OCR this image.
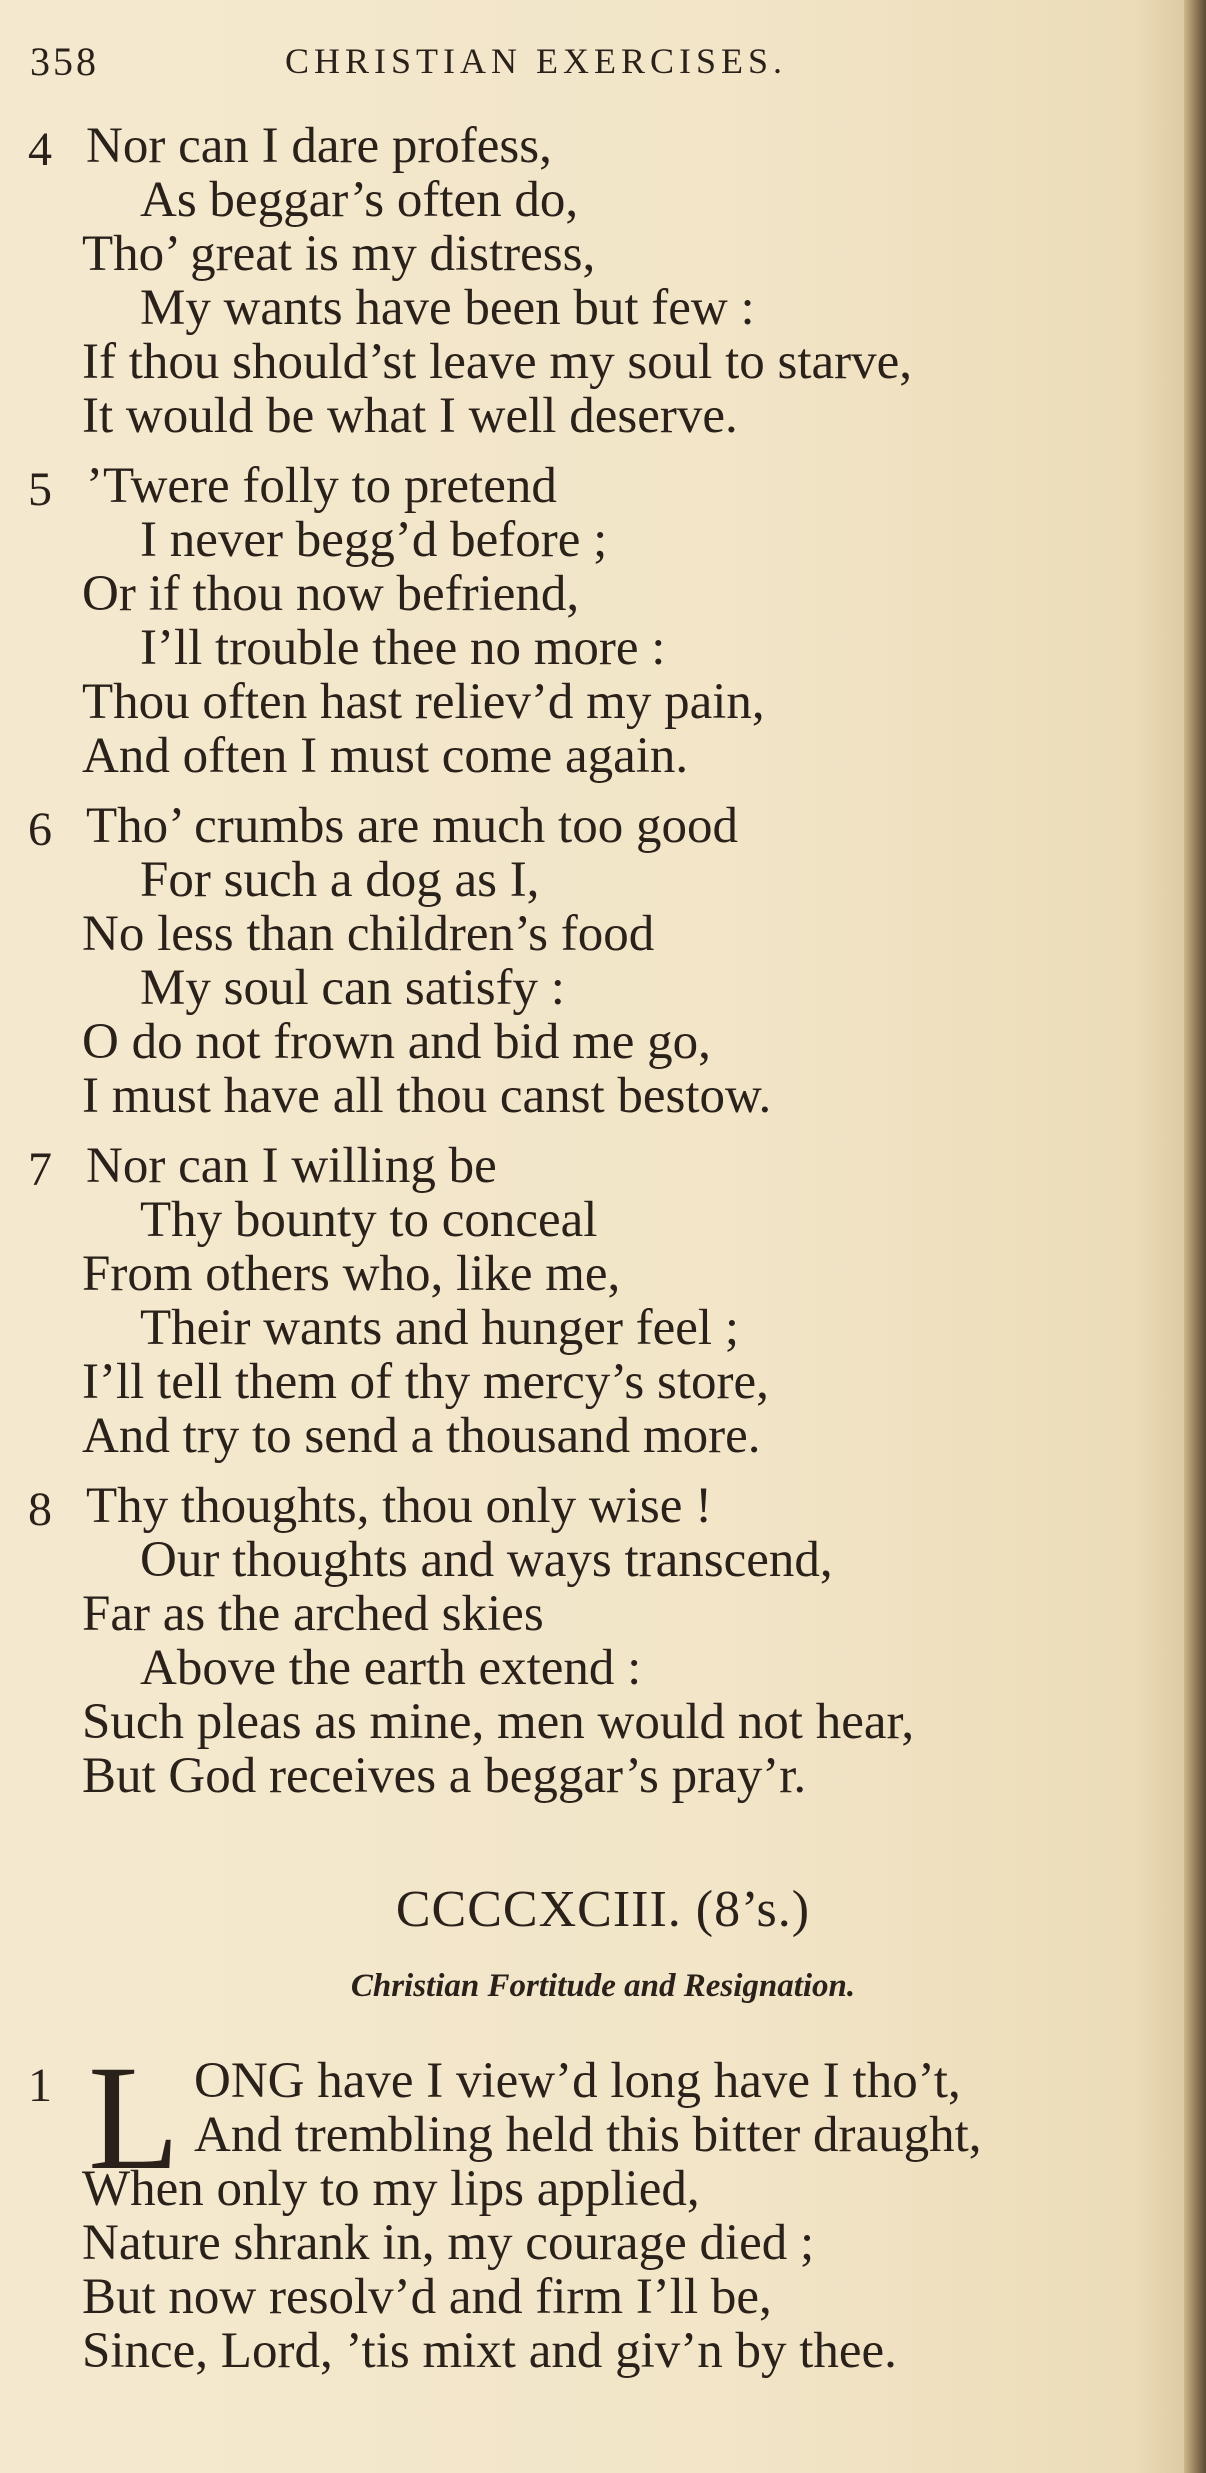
358	CHRISTIAN EXERCISES.
4 Nor can I dare profess,
As beggar’s often do,
Tho’ great is my distress,
My wants have been but few :
If thou should’st leave my soul to starve,
It would be what I well deserve.
5 ’Twere folly to pretend
I never begg’d before ;
Or if thou now befriend,
I’ll trouble thee no more :
Thou often hast reliev’d my pain,
And often I must come again.
6 Tho’ crumbs are much too good
For such a dog as I,
No less than children’s food
My soul can satisfy :
O do not frown and bid me go,
I must have all thou canst bestow.
7 Nor can I willing be
Thy bounty to conceal
From others who, like me,
Their wants and hunger feel ;
I’ll tell them of thy mercy’s store,
And try to send a thousand more.
8 Thy thoughts, thou only wise !
Our thoughts and ways transcend,
Far as the arched skies
Above the earth extend :
Such pleas as mine, men would not hear,
But God receives a beggar’s pray’r.
CCCCXCIII. (8’s.)
Christian Fortitude and Resignation.
1 L ONG have I view’d long have I tho’t,
And trembling held this bitter draught,
When only to my lips applied,
Nature shrank in, my courage died ;
But now resolv’d and firm I’ll be,
Since, Lord, ’tis mixt and giv’n by thee.
